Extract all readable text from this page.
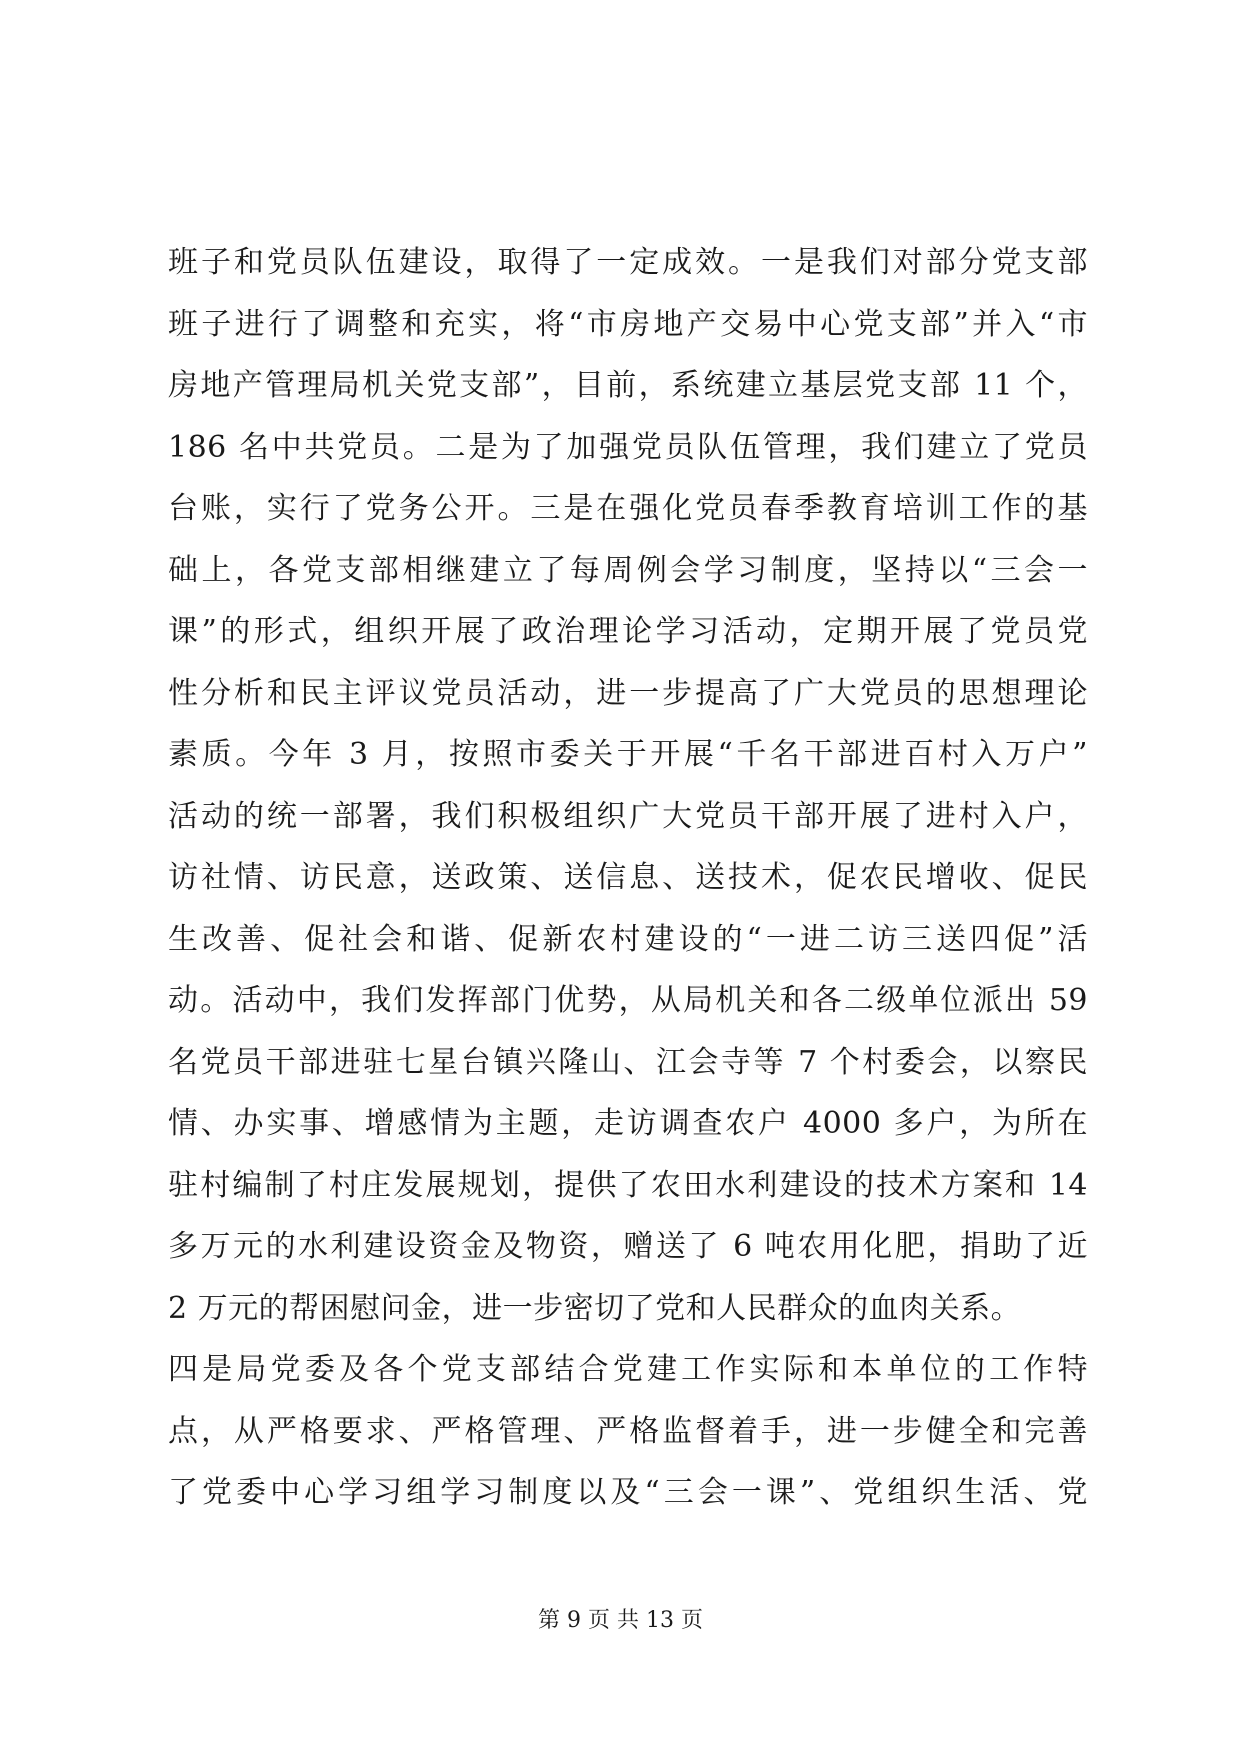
班子和党员队伍建设，取得了一定成效。一是我们对部分党支部
班子进行了调整和充实，将“市房地产交易中心党支部”并入“市
房地产管理局机关党支部”，目前，系统建立基层党支部 11 个，
186 名中共党员。二是为了加强党员队伍管理，我们建立了党员
台账，实行了党务公开。三是在强化党员春季教育培训工作的基
础上，各党支部相继建立了每周例会学习制度，坚持以“三会一
课”的形式，组织开展了政治理论学习活动，定期开展了党员党
性分析和民主评议党员活动，进一步提高了广大党员的思想理论
素质。今年 3 月，按照市委关于开展“千名干部进百村入万户”
活动的统一部署，我们积极组织广大党员干部开展了进村入户，
访社情、访民意，送政策、送信息、送技术，促农民增收、促民
生改善、促社会和谐、促新农村建设的“一进二访三送四促”活
动。活动中，我们发挥部门优势，从局机关和各二级单位派出 59
名党员干部进驻七星台镇兴隆山、江会寺等 7 个村委会，以察民
情、办实事、增感情为主题，走访调查农户 4000 多户，为所在
驻村编制了村庄发展规划，提供了农田水利建设的技术方案和 14
多万元的水利建设资金及物资，赠送了 6 吨农用化肥，捐助了近
2 万元的帮困慰问金，进一步密切了党和人民群众的血肉关系。
四是局党委及各个党支部结合党建工作实际和本单位的工作特
点，从严格要求、严格管理、严格监督着手，进一步健全和完善
了党委中心学习组学习制度以及“三会一课”、党组织生活、党
第 9 页 共 13 页
